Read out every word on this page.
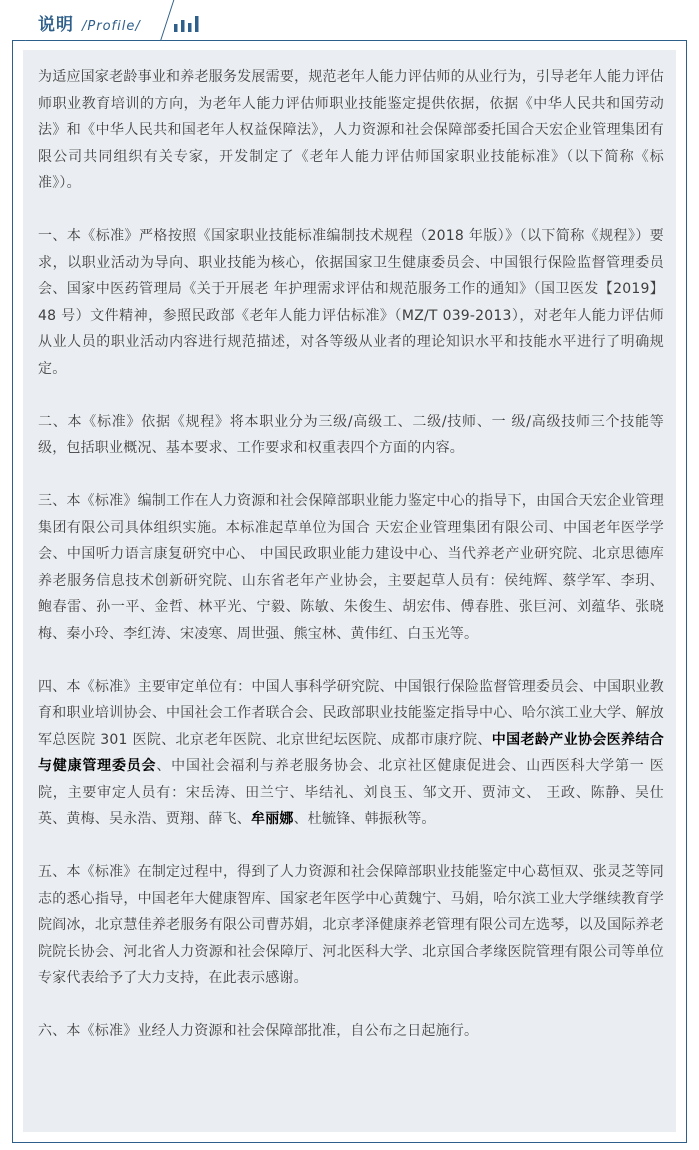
说明 /Profile/

为适应国家老龄事业和养老服务发展需要，规范老年人能力评估师的从业行为，引导老年人能力评估师职业教育培训的方向，为老年人能力评估师职业技能鉴定提供依据，依据《中华人民共和国劳动法》和《中华人民共和国老年人权益保障法》，人力资源和社会保障部委托国合天宏企业管理集团有限公司共同组织有关专家，开发制定了《老年人能力评估师国家职业技能标准》（以下简称《标准》）。

一、本《标准》严格按照《国家职业技能标准编制技术规程（2018 年版）》（以下简称《规程》）要求，以职业活动为导向、职业技能为核心，依据国家卫生健康委员会、中国银行保险监督管理委员会、国家中医药管理局《关于开展老 年护理需求评估和规范服务工作的通知》（国卫医发【2019】48 号）文件精神，参照民政部《老年人能力评估标准》（MZ/T 039-2013），对老年人能力评估师从业人员的职业活动内容进行规范描述，对各等级从业者的理论知识水平和技能水平进行了明确规定。

二、本《标准》依据《规程》将本职业分为三级/高级工、二级/技师、一 级/高级技师三个技能等级，包括职业概况、基本要求、工作要求和权重表四个方面的内容。

三、本《标准》编制工作在人力资源和社会保障部职业能力鉴定中心的指导下，由国合天宏企业管理集团有限公司具体组织实施。本标准起草单位为国合 天宏企业管理集团有限公司、中国老年医学学会、中国听力语言康复研究中心、 中国民政职业能力建设中心、当代养老产业研究院、北京思德库养老服务信息技术创新研究院、山东省老年产业协会，主要起草人员有：侯纯辉、蔡学军、李玥、 鲍春雷、孙一平、金哲、林平光、宁毅、陈敏、朱俊生、胡宏伟、傅春胜、张巨河、刘蕴华、张晓梅、秦小玲、李红涛、宋凌寒、周世强、熊宝林、黄伟红、白玉光等。

四、本《标准》主要审定单位有：中国人事科学研究院、中国银行保险监督管理委员会、中国职业教育和职业培训协会、中国社会工作者联合会、民政部职业技能鉴定指导中心、哈尔滨工业大学、解放军总医院 301 医院、北京老年医院、北京世纪坛医院、成都市康疗院、中国老龄产业协会医养结合与健康管理委员会、中国社会福利与养老服务协会、北京社区健康促进会、山西医科大学第一 医院，主要审定人员有：宋岳涛、田兰宁、毕结礼、刘良玉、邹文开、贾沛文、 王政、陈静、吴仕英、黄梅、吴永浩、贾翔、薛飞、牟丽娜、杜毓锋、韩振秋等。

五、本《标准》在制定过程中，得到了人力资源和社会保障部职业技能鉴定中心葛恒双、张灵芝等同志的悉心指导，中国老年大健康智库、国家老年医学中心黄魏宁、马娟，哈尔滨工业大学继续教育学院阎冰，北京慧佳养老服务有限公司曹苏娟，北京孝泽健康养老管理有限公司左选琴，以及国际养老院院长协会、河北省人力资源和社会保障厅、河北医科大学、北京国合孝缘医院管理有限公司等单位专家代表给予了大力支持，在此表示感谢。

六、本《标准》业经人力资源和社会保障部批准，自公布之日起施行。
